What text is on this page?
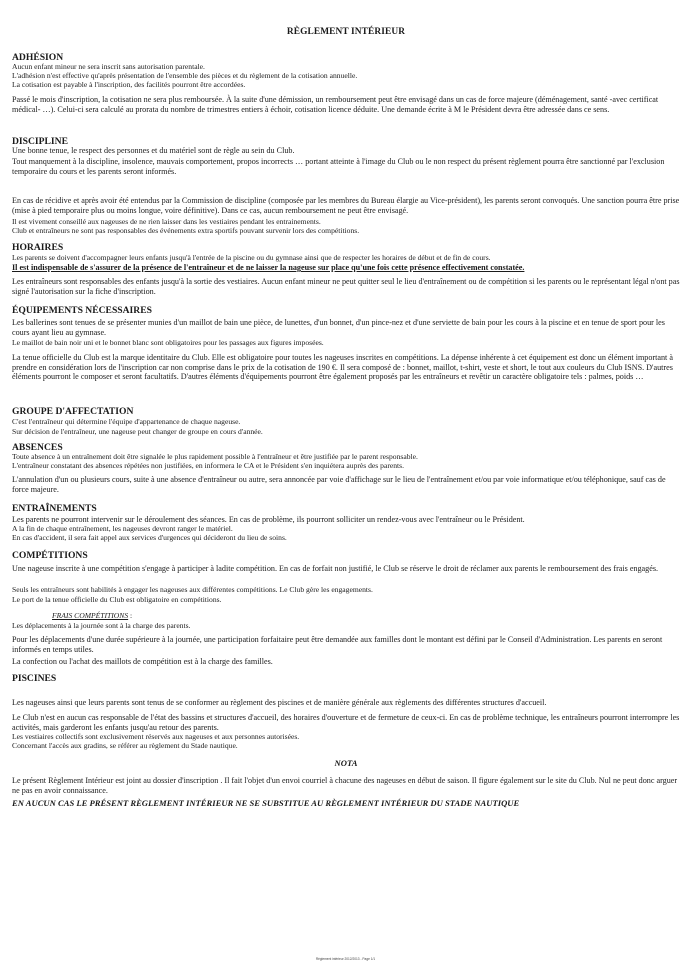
RÈGLEMENT INTÉRIEUR
ADHÉSION
Aucun enfant mineur ne sera inscrit sans autorisation parentale.
L'adhésion n'est effective qu'après présentation de l'ensemble des pièces et du règlement de la cotisation annuelle.
La cotisation est payable à l'inscription, des facilités pourront être accordées.
Passé le mois d'inscription, la cotisation ne sera plus remboursée. À la suite d'une démission, un remboursement peut être envisagé dans un cas de force majeure (déménagement, santé -avec certificat médical- …). Celui-ci sera calculé au prorata du nombre de trimestres entiers à échoir, cotisation licence déduite. Une demande écrite à M le Président devra être adressée dans ce sens.
DISCIPLINE
Une bonne tenue, le respect des personnes et du matériel sont de règle au sein du Club.
Tout manquement à la discipline, insolence, mauvais comportement, propos incorrects … portant atteinte à l'image du Club ou le non respect du présent règlement pourra être sanctionné par l'exclusion temporaire du cours et les parents seront informés.
En cas de récidive et après avoir été entendus par la Commission de discipline (composée par les membres du Bureau élargie au Vice-président), les parents seront convoqués. Une sanction pourra être prise (mise à pied temporaire plus ou moins longue, voire définitive). Dans ce cas, aucun remboursement ne peut être envisagé.
Il est vivement conseillé aux nageuses de ne rien laisser dans les vestiaires pendant les entrainements.
Club et entraîneurs ne sont pas responsables des événements extra sportifs pouvant survenir lors des compétitions.
HORAIRES
Les parents se doivent d'accompagner leurs enfants jusqu'à l'entrée de la piscine ou du gymnase ainsi que de respecter les horaires de début et de fin de cours.
Il est indispensable de s'assurer de la présence de l'entraîneur et de ne laisser la nageuse sur place qu'une fois cette présence effectivement constatée.
Les entraîneurs sont responsables des enfants jusqu'à la sortie des vestiaires. Aucun enfant mineur ne peut quitter seul le lieu d'entraînement ou de compétition si les parents ou le représentant légal n'ont pas signé l'autorisation sur la fiche d'inscription.
ÉQUIPEMENTS NÉCESSAIRES
Les ballerines sont tenues de se présenter munies d'un maillot de bain une pièce, de lunettes, d'un bonnet, d'un pince-nez et d'une serviette de bain pour les cours à la piscine et en tenue de sport pour les cours ayant lieu au gymnase.
Le maillot de bain noir uni et le bonnet blanc sont obligatoires pour les passages aux figures imposées.
La tenue officielle du Club est la marque identitaire du Club. Elle est obligatoire pour toutes les nageuses inscrites en compétitions. La dépense inhérente à cet équipement est donc un élément important à prendre en considération lors de l'inscription car non comprise dans le prix de la cotisation de 190 €. Il sera composé de : bonnet, maillot, t-shirt, veste et short, le tout aux couleurs du Club ISNS. D'autres éléments pourront le composer et seront facultatifs. D'autres éléments d'équipements pourront être également proposés par les entraîneurs et revêtir un caractère obligatoire tels : palmes, poids …
GROUPE D'AFFECTATION
C'est l'entraîneur qui détermine l'équipe d'appartenance de chaque nageuse.
Sur décision de l'entraîneur, une nageuse peut changer de groupe en cours d'année.
ABSENCES
Toute absence à un entraînement doit être signalée le plus rapidement possible à l'entraîneur et être justifiée par le parent responsable.
L'entraîneur constatant des absences répétées non justifiées, en informera le CA et le Président s'en inquiétera auprès des parents.
L'annulation d'un ou plusieurs cours, suite à une absence d'entraîneur ou autre, sera annoncée par voie d'affichage sur le lieu de l'entraînement et/ou par voie informatique et/ou téléphonique, sauf cas de force majeure.
ENTRAÎNEMENTS
Les parents ne pourront intervenir sur le déroulement des séances. En cas de problème, ils pourront solliciter un rendez-vous avec l'entraîneur ou le Président.
A la fin de chaque entraînement, les nageuses devront ranger le matériel.
En cas d'accident, il sera fait appel aux services d'urgences qui décideront du lieu de soins.
COMPÉTITIONS
Une nageuse inscrite à une compétition s'engage à participer à ladite compétition. En cas de forfait non justifié, le Club se réserve le droit de réclamer aux parents le remboursement des frais engagés.
Seuls les entraîneurs sont habilités à engager les nageuses aux différentes compétitions. Le Club gère les engagements.
Le port de la tenue officielle du Club est obligatoire en compétitions.
FRAIS COMPÉTITIONS :
Les déplacements à la journée sont à la charge des parents.
Pour les déplacements d'une durée supérieure à la journée, une participation forfaitaire peut être demandée aux familles dont le montant est défini par le Conseil d'Administration. Les parents en seront informés en temps utiles.
La confection ou l'achat des maillots de compétition est à la charge des familles.
PISCINES
Les nageuses ainsi que leurs parents sont tenus de se conformer au règlement des piscines et de manière générale aux règlements des différentes structures d'accueil.
Le Club n'est en aucun cas responsable de l'état des bassins et structures d'accueil, des horaires d'ouverture et de fermeture de ceux-ci. En cas de problème technique, les entraîneurs pourront interrompre les activités, mais garderont les enfants jusqu'au retour des parents.
Les vestiaires collectifs sont exclusivement réservés aux nageuses et aux personnes autorisées.
Concernant l'accès aux gradins, se référer au règlement du Stade nautique.
NOTA
Le présent Règlement Intérieur est joint au dossier d'inscription . Il fait l'objet d'un envoi courriel à chacune des nageuses en début de saison. Il figure également sur le site du Club. Nul ne peut donc arguer ne pas en avoir connaissance.
EN AUCUN CAS LE PRÉSENT RÈGLEMENT INTÉRIEUR NE SE SUBSTITUE AU RÈGLEMENT INTÉRIEUR DU STADE NAUTIQUE
Règlement intérieur 2012/2013 - Page 1/1
